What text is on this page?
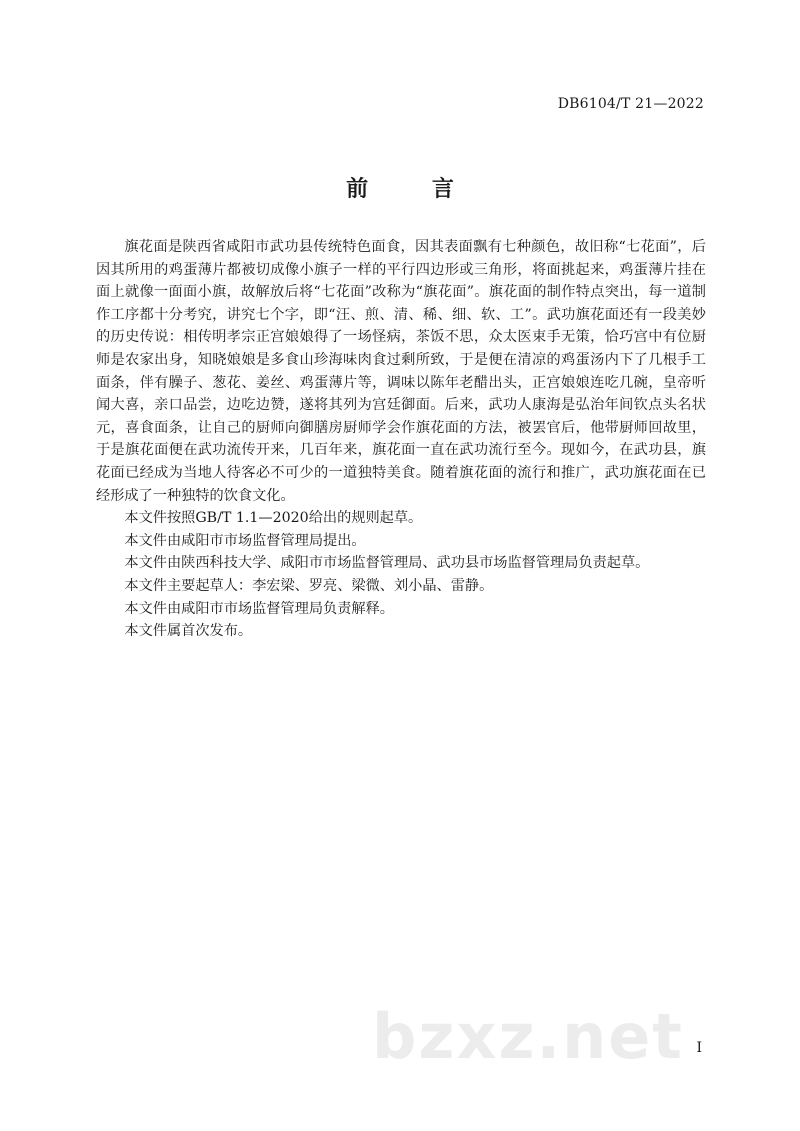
DB6104/T 21—2022
前 言

旗花面是陕西省咸阳市武功县传统特色面食，因其表面飘有七种颜色，故旧称“七花面”，后因其所用的鸡蛋薄片都被切成像小旗子一样的平行四边形或三角形，将面挑起来，鸡蛋薄片挂在面上就像一面面小旗，故解放后将“七花面”改称为“旗花面”。旗花面的制作特点突出，每一道制作工序都十分考究，讲究七个字，即“汪、煎、清、稀、细、软、工”。武功旗花面还有一段美妙的历史传说：相传明孝宗正宫娘娘得了一场怪病，茶饭不思，众太医束手无策，恰巧宫中有位厨师是农家出身，知晓娘娘是多食山珍海味肉食过剩所致，于是便在清凉的鸡蛋汤内下了几根手工面条，伴有臊子、葱花、姜丝、鸡蛋薄片等，调味以陈年老醋出头，正宫娘娘连吃几碗，皇帝听闻大喜，亲口品尝，边吃边赞，遂将其列为宫廷御面。后来，武功人康海是弘治年间钦点头名状元，喜食面条，让自己的厨师向御膳房厨师学会作旗花面的方法，被罢官后，他带厨师回故里，于是旗花面便在武功流传开来，几百年来，旗花面一直在武功流行至今。现如今，在武功县，旗花面已经成为当地人待客必不可少的一道独特美食。随着旗花面的流行和推广，武功旗花面在已经形成了一种独特的饮食文化。

本文件按照GB/T 1.1—2020给出的规则起草。

本文件由咸阳市市场监督管理局提出。

本文件由陕西科技大学、咸阳市市场监督管理局、武功县市场监督管理局负责起草。

本文件主要起草人：李宏梁、罗亮、梁微、刘小晶、雷静。

本文件由咸阳市市场监督管理局负责解释。

本文件属首次发布。

bzxz.net I
